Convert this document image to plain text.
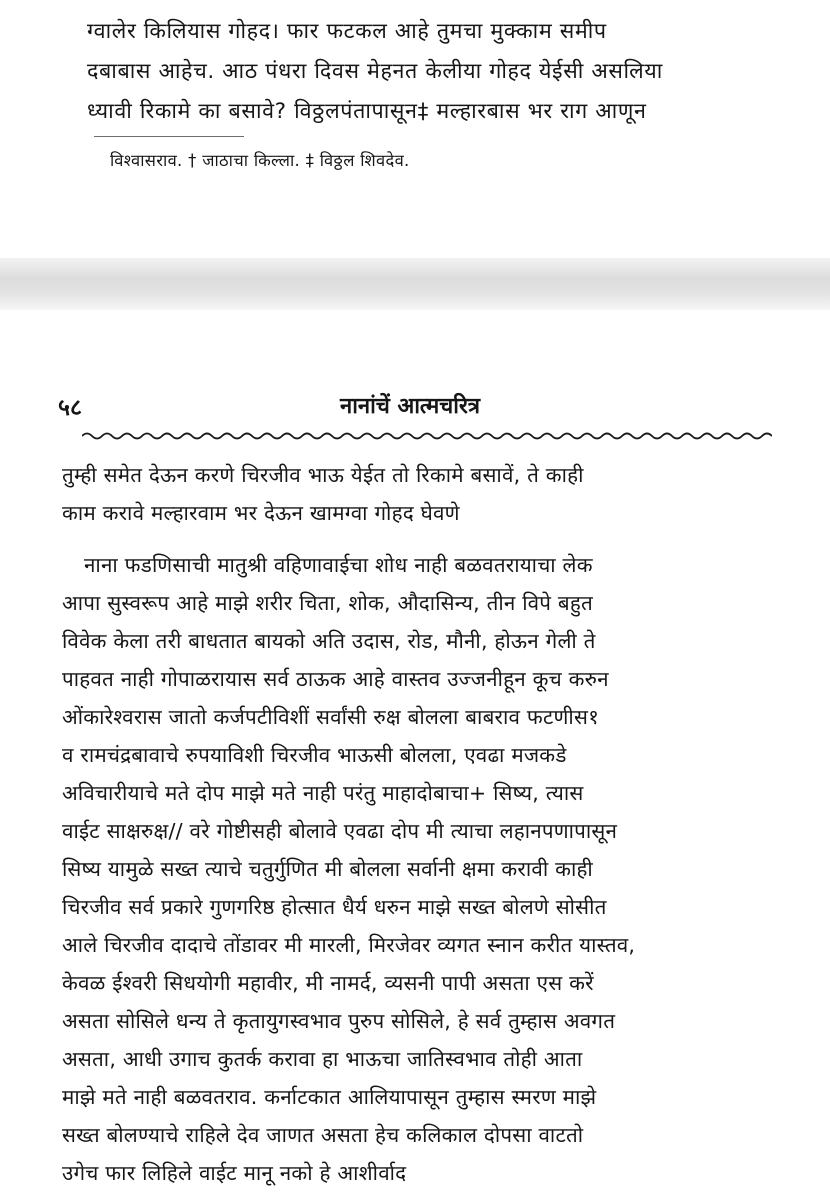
ग्वालेर किलियास गोहद। फार फटकल आहे तुमचा मुक्काम समीप
दबाबास आहेच. आठ पंधरा दिवस मेहनत केलीया गोहद येईसी असलिया
ध्यावी रिकामे का बसावे? विठ्ठलपंतापासून‡ मल्हारबास भर राग आणून
विश्वासराव. † जाठाचा किल्ला. ‡ विठ्ठल शिवदेव.
५८	नानांचें आत्मचरित्र
तुम्ही समेत देऊन करणे चिरजीव भाऊ येईत तो रिकामे बसावें, ते काही
काम करावे मल्हारवाम भर देऊन खामग्वा गोहद घेवणे
नाना फडणिसाची मातुश्री वहिणावाईचा शोध नाही बळवतरायाचा लेक
आपा सुस्वरूप आहे माझे शरीर चिता, शोक, औदासिन्य, तीन विपे बहुत
विवेक केला तरी बाधतात बायको अति उदास, रोड, मौनी, होऊन गेली ते
पाहवत नाही गोपाळरायास सर्व ठाऊक आहे वास्तव उज्जनीहून कूच करुन
ओंकारेश्वरास जातो कर्जपटीविशीं सर्वांसी रुक्ष बोलला बाबराव फटणीस१
व रामचंद्रबावाचे रुपयाविशी चिरजीव भाऊसी बोलला, एवढा मजकडे
अविचारीयाचे मते दोप माझे मते नाही परंतु माहादोबाचा+ सिष्य, त्यास
वाईट साक्षरुक्ष// वरे गोष्टीसही बोलावे एवढा दोप मी त्याचा लहानपणापासून
सिष्य यामुळे सख्त त्याचे चतुर्गुणित मी बोलला सर्वानी क्षमा करावी काही
चिरजीव सर्व प्रकारे गुणगरिष्ठ होत्सात धैर्य धरुन माझे सख्त बोलणे सोसीत
आले चिरजीव दादाचे तोंडावर मी मारली, मिरजेवर व्यगत स्नान करीत यास्तव,
केवळ ईश्वरी सिधयोगी महावीर, मी नामर्द, व्यसनी पापी असता एस करें
असता सोसिले धन्य ते कृतायुगस्वभाव पुरुप सोसिले, हे सर्व तुम्हास अवगत
असता, आधी उगाच कुतर्क करावा हा भाऊचा जातिस्वभाव तोही आता
माझे मते नाही बळवतराव. कर्नाटकात आलियापासून तुम्हास स्मरण माझे
सख्त बोलण्याचे राहिले देव जाणत असता हेच कलिकाल दोपसा वाटतो
उगेच फार लिहिले वाईट मानू नको हे आशीर्वाद
